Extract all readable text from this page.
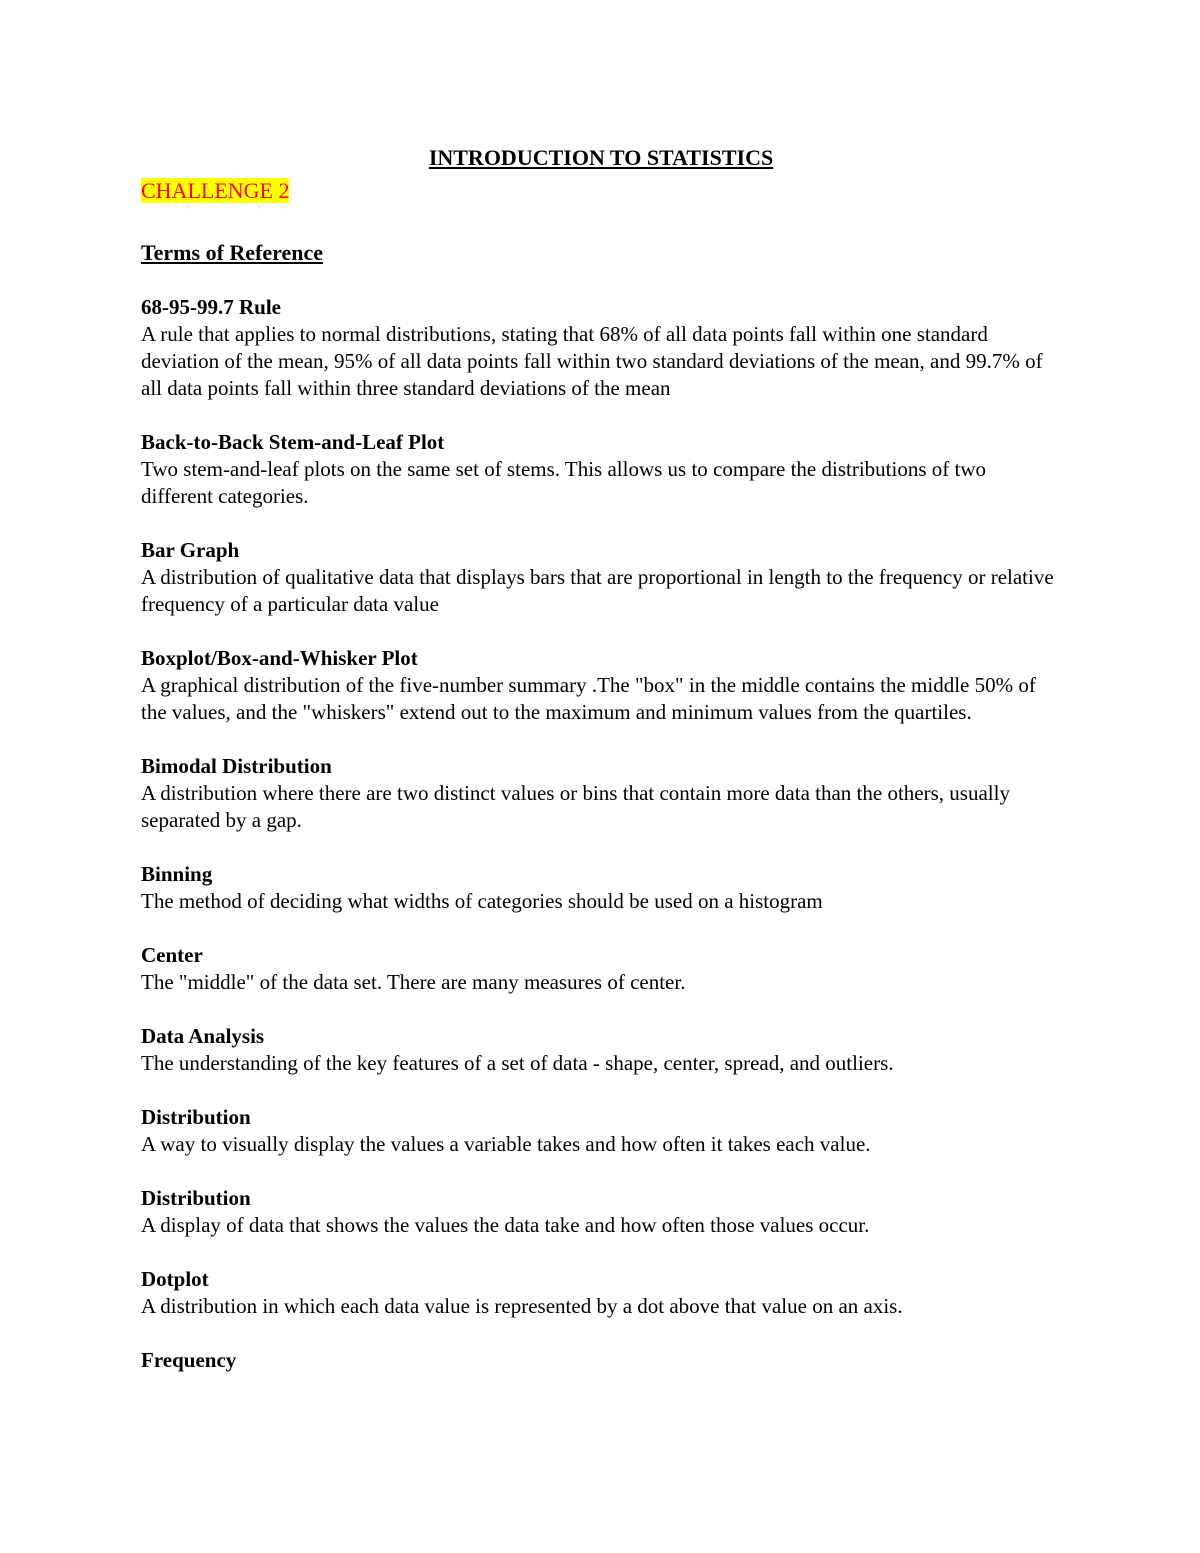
INTRODUCTION TO STATISTICS

CHALLENGE 2

Terms of Reference

68-95-99.7 Rule

A rule that applies to normal distributions, stating that 68% of all data points fall within one standard deviation of the mean, 95% of all data points fall within two standard deviations of the mean, and 99.7% of all data points fall within three standard deviations of the mean

Back-to-Back Stem-and-Leaf Plot

Two stem-and-leaf plots on the same set of stems. This allows us to compare the distributions of two different categories.

Bar Graph

A distribution of qualitative data that displays bars that are proportional in length to the frequency or relative frequency of a particular data value

Boxplot/Box-and-Whisker Plot

A graphical distribution of the five-number summary .The "box" in the middle contains the middle 50% of the values, and the "whiskers" extend out to the maximum and minimum values from the quartiles.

Bimodal Distribution

A distribution where there are two distinct values or bins that contain more data than the others, usually separated by a gap.

Binning

The method of deciding what widths of categories should be used on a histogram

Center

The "middle" of the data set. There are many measures of center.

Data Analysis

The understanding of the key features of a set of data - shape, center, spread, and outliers.

Distribution

A way to visually display the values a variable takes and how often it takes each value.

Distribution

A display of data that shows the values the data take and how often those values occur.

Dotplot

A distribution in which each data value is represented by a dot above that value on an axis.

Frequency
